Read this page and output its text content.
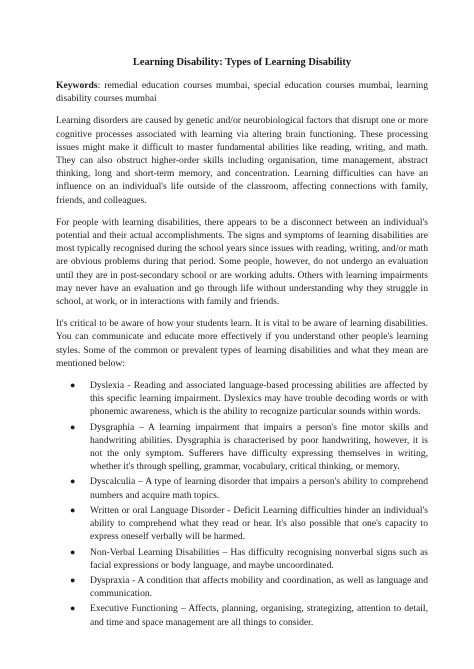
Learning Disability: Types of Learning Disability

Keywords: remedial education courses mumbai, special education courses mumbai, learning disability courses mumbai

Learning disorders are caused by genetic and/or neurobiological factors that disrupt one or more cognitive processes associated with learning via altering brain functioning. These processing issues might make it difficult to master fundamental abilities like reading, writing, and math. They can also obstruct higher-order skills including organisation, time management, abstract thinking, long and short-term memory, and concentration. Learning difficulties can have an influence on an individual's life outside of the classroom, affecting connections with family, friends, and colleagues.

For people with learning disabilities, there appears to be a disconnect between an individual's potential and their actual accomplishments. The signs and symptoms of learning disabilities are most typically recognised during the school years since issues with reading, writing, and/or math are obvious problems during that period. Some people, however, do not undergo an evaluation until they are in post-secondary school or are working adults. Others with learning impairments may never have an evaluation and go through life without understanding why they struggle in school, at work, or in interactions with family and friends.

It's critical to be aware of how your students learn. It is vital to be aware of learning disabilities. You can communicate and educate more effectively if you understand other people's learning styles. Some of the common or prevalent types of learning disabilities and what they mean are mentioned below:

● Dyslexia - Reading and associated language-based processing abilities are affected by this specific learning impairment. Dyslexics may have trouble decoding words or with phonemic awareness, which is the ability to recognize particular sounds within words.
● Dysgraphia – A learning impairment that impairs a person's fine motor skills and handwriting abilities. Dysgraphia is characterised by poor handwriting, however, it is not the only symptom. Sufferers have difficulty expressing themselves in writing, whether it's through spelling, grammar, vocabulary, critical thinking, or memory.
● Dyscalculia – A type of learning disorder that impairs a person's ability to comprehend numbers and acquire math topics.
● Written or oral Language Disorder - Deficit Learning difficulties hinder an individual's ability to comprehend what they read or hear. It's also possible that one's capacity to express oneself verbally will be harmed.
● Non-Verbal Learning Disabilities – Has difficulty recognising nonverbal signs such as facial expressions or body language, and maybe uncoordinated.
● Dyspraxia - A condition that affects mobility and coordination, as well as language and communication.
● Executive Functioning – Affects, planning, organising, strategizing, attention to detail, and time and space management are all things to consider.
